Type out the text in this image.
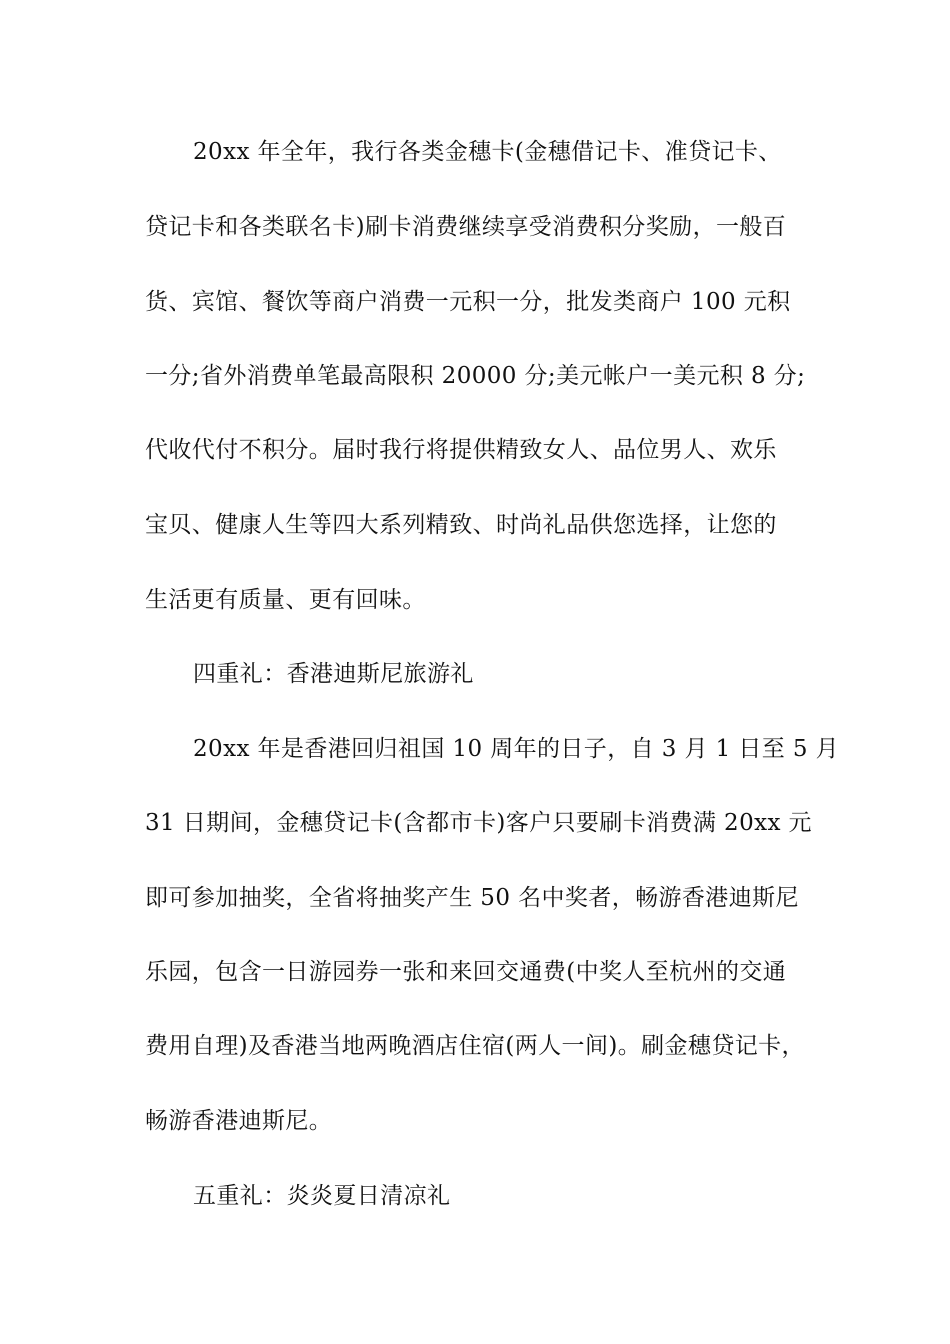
20xx 年全年，我行各类金穗卡(金穗借记卡、准贷记卡、
贷记卡和各类联名卡)刷卡消费继续享受消费积分奖励，一般百
货、宾馆、餐饮等商户消费一元积一分，批发类商户 100 元积
一分;省外消费单笔最高限积 20000 分;美元帐户一美元积 8 分;
代收代付不积分。届时我行将提供精致女人、品位男人、欢乐
宝贝、健康人生等四大系列精致、时尚礼品供您选择，让您的
生活更有质量、更有回味。
四重礼：香港迪斯尼旅游礼
20xx 年是香港回归祖国 10 周年的日子，自 3 月 1 日至 5 月
31 日期间，金穗贷记卡(含都市卡)客户只要刷卡消费满 20xx 元
即可参加抽奖，全省将抽奖产生 50 名中奖者，畅游香港迪斯尼
乐园，包含一日游园券一张和来回交通费(中奖人至杭州的交通
费用自理)及香港当地两晚酒店住宿(两人一间)。刷金穗贷记卡，
畅游香港迪斯尼。
五重礼：炎炎夏日清凉礼
